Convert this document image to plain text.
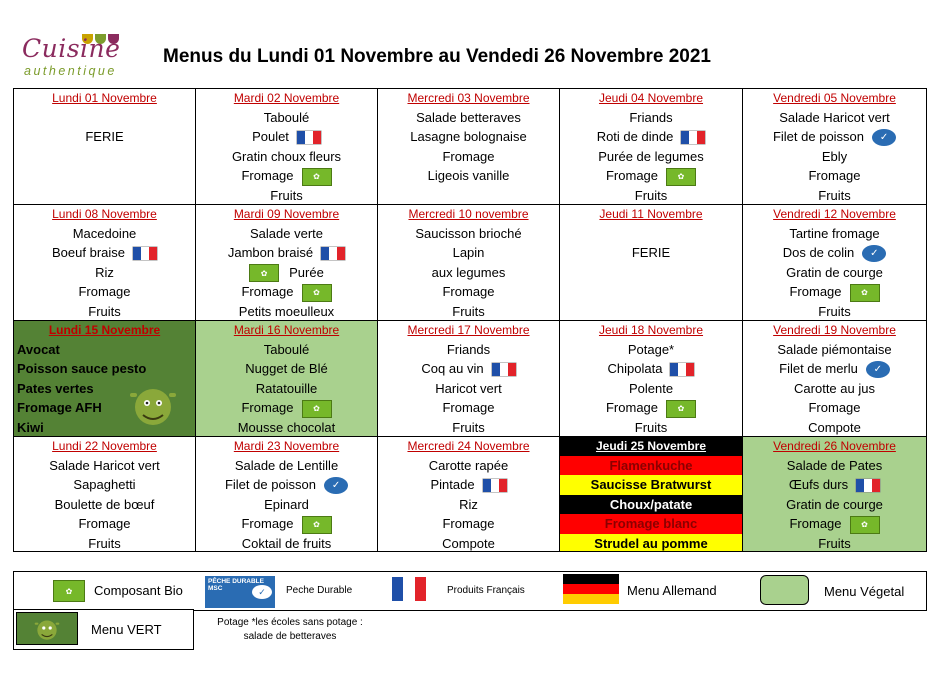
Cuisine
authentique
Menus du Lundi 01 Novembre au Vendedi 26 Novembre 2021
Lundi 01 Novembre
FERIE
Mardi 02 Novembre
Taboulé
Poulet
Gratin choux fleurs
Fromage ✿
Fruits
Mercredi 03 Novembre
Salade betteraves
Lasagne bolognaise
Fromage
Ligeois vanille
Jeudi 04 Novembre
Friands
Roti de dinde
Purée de legumes
Fromage ✿
Fruits
Vendredi 05 Novembre
Salade Haricot vert
Filet de poisson ✓
Ebly
Fromage
Fruits
Lundi 08 Novembre
Macedoine
Boeuf braise
Riz
Fromage
Fruits
Mardi 09 Novembre
Salade verte
Jambon braisé
✿ Purée
Fromage ✿
Petits moeulleux
Mercredi 10 novembre
Saucisson brioché
Lapin
aux legumes
Fromage
Fruits
Jeudi 11 Novembre
FERIE
Vendredi 12 Novembre
Tartine fromage
Dos de colin ✓
Gratin de courge
Fromage ✿
Fruits
Lundi 15 Novembre
Avocat
Poisson sauce pesto
Pates vertes
Fromage AFH
Kiwi
Mardi 16 Novembre
Taboulé
Nugget de Blé
Ratatouille
Fromage ✿
Mousse chocolat
Mercredi 17 Novembre
Friands
Coq au vin
Haricot vert
Fromage
Fruits
Jeudi 18 Novembre
Potage*
Chipolata
Polente
Fromage ✿
Fruits
Vendredi 19 Novembre
Salade piémontaise
Filet de merlu ✓
Carotte au jus
Fromage
Compote
Lundi 22 Novembre
Salade Haricot vert
Sapaghetti
Boulette de bœuf
Fromage
Fruits
Mardi 23 Novembre
Salade de Lentille
Filet de poisson ✓
Epinard
Fromage ✿
Coktail de fruits
Mercredi 24 Novembre
Carotte rapée
Pintade
Riz
Fromage
Compote
Jeudi 25 Novembre
Flamenkuche
Saucisse Bratwurst
Choux/patate
Fromage blanc
Strudel au pomme
Vendredi 26 Novembre
Salade de Pates
Œufs durs
Gratin de courge
Fromage ✿
Fruits
✿	Composant Bio
PÊCHE DURABLE MSC	✓	Peche Durable	Produits Français	Menu Allemand	Menu Végetal
Menu VERT	Potage *les écoles sans potage :
salade de betteraves
